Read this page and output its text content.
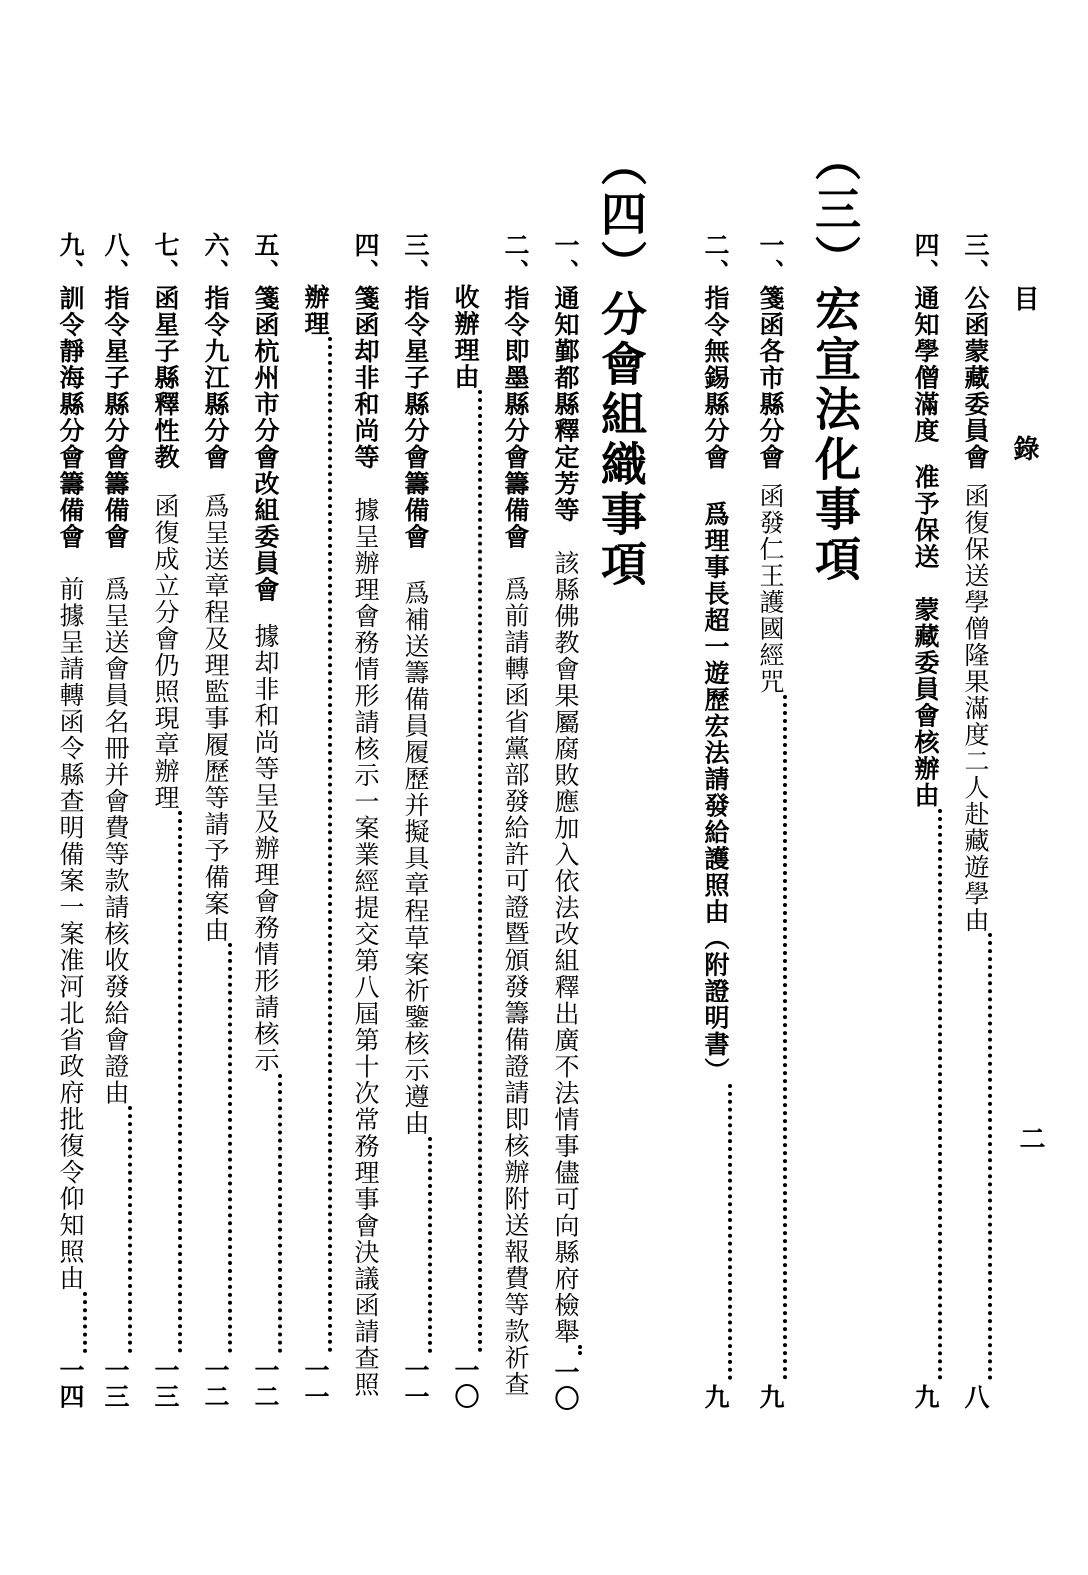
目
錄
二
三、公函蒙藏委員會
函復保送學僧隆果滿度二人赴藏遊學由
八
四、通知學僧滿度
准予保送　蒙藏委員會核辦由
九
（三）宏宣法化事項
一、箋函各市縣分會
函發仁王護國經咒
九
二、指令無錫縣分會
爲理事長超一遊歷宏法請發給護照由（附證明書）
九
（四）分會組織事項
一、通知鄞都縣釋定芳等
該縣佛教會果屬腐敗應加入依法改組釋出廣不法情事儘可向縣府檢舉
一〇
二、指令即墨縣分會籌備會
爲前請轉函省黨部發給許可證暨頒發籌備證請即核辦附送報費等款祈查
收辦理由
一〇
三、指令星子縣分會籌備會
爲補送籌備員履歷并擬具章程草案祈鑒核示遵由
一一
四、箋函却非和尚等
據呈辦理會務情形請核示一案業經提交第八屆第十次常務理事會決議函請查照
辦理
一一
五、箋函杭州市分會改組委員會
據却非和尚等呈及辦理會務情形請核示
一二
六、指令九江縣分會
爲呈送章程及理監事履歷等請予備案由
一二
七、函星子縣釋性教
函復成立分會仍照現章辦理
一三
八、指令星子縣分會籌備會
爲呈送會員名冊并會費等款請核收發給會證由
一三
九、訓令靜海縣分會籌備會
前據呈請轉函令縣查明備案一案准河北省政府批復令仰知照由
一四
